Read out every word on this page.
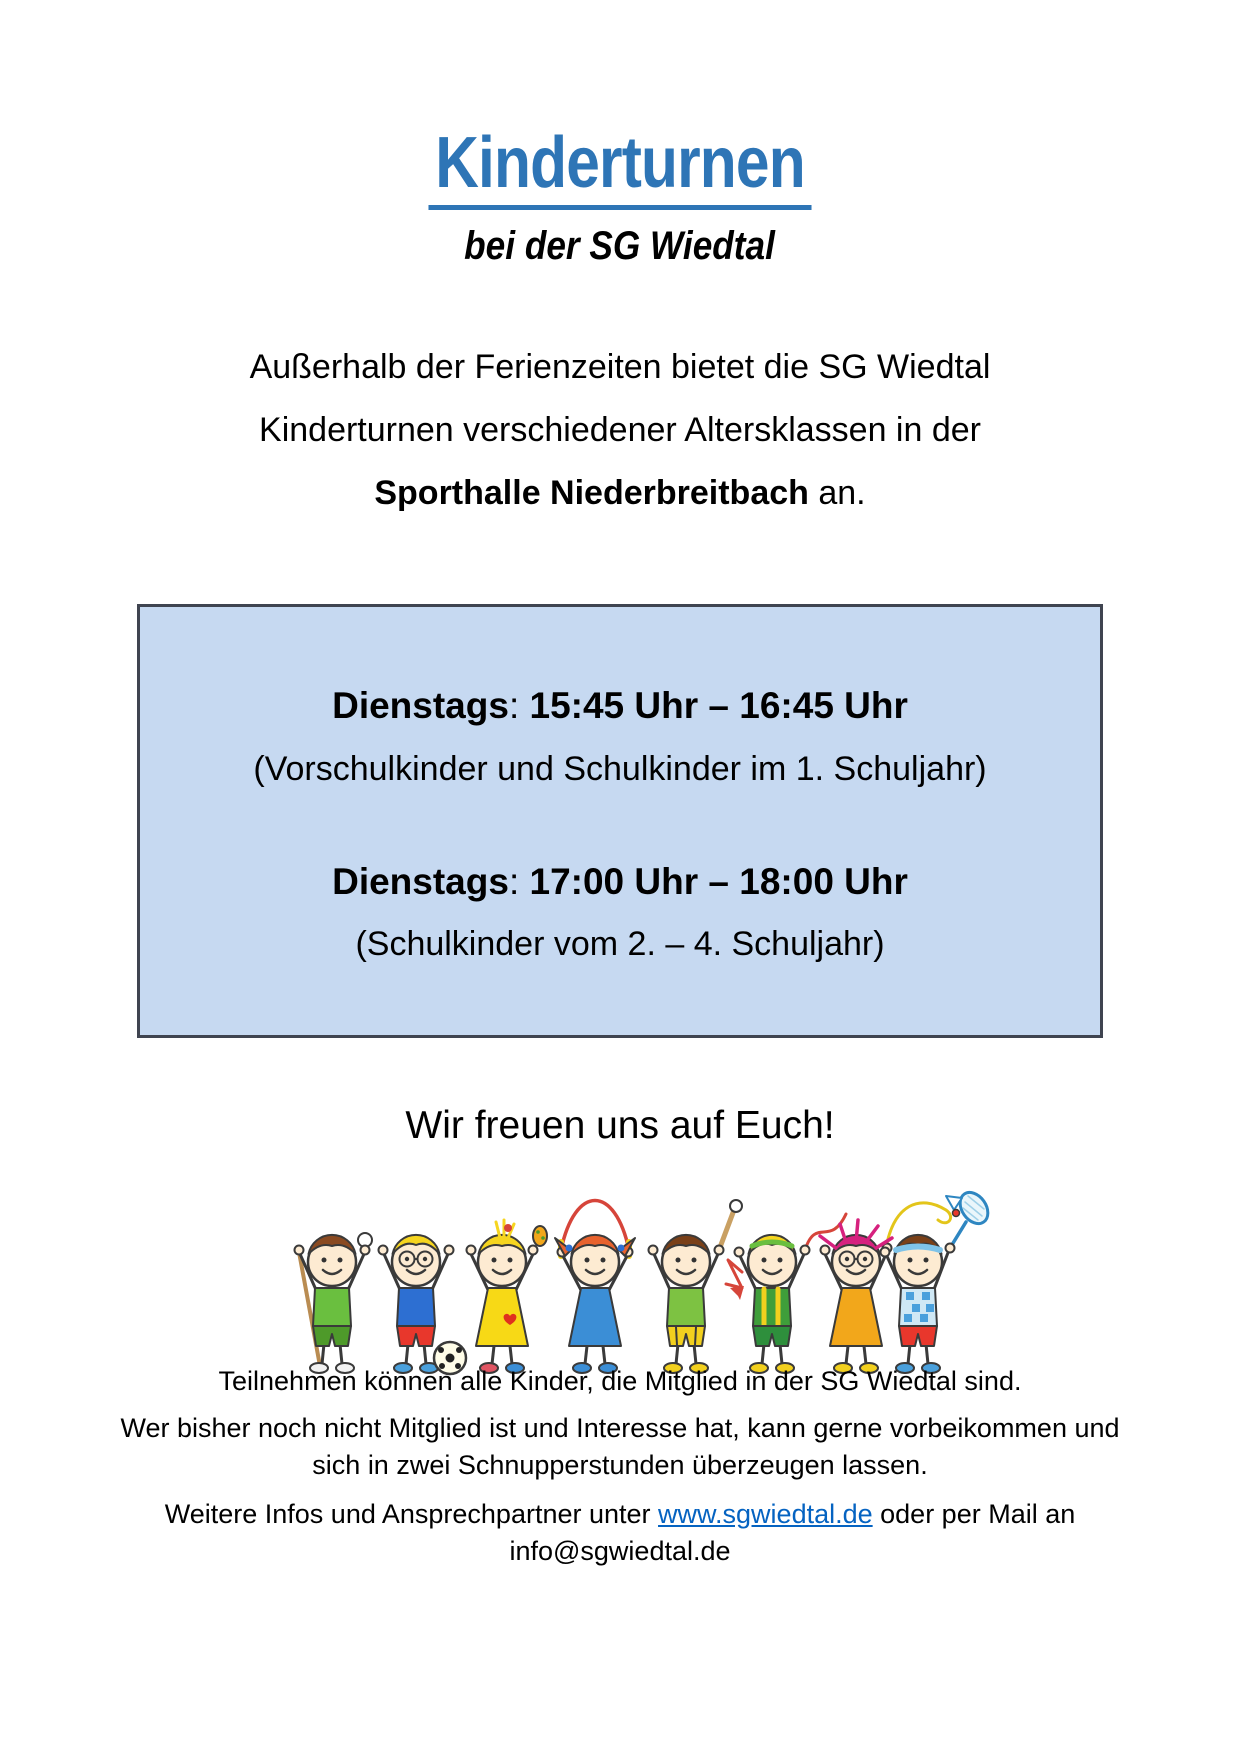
Kinderturnen
bei der SG Wiedtal
Außerhalb der Ferienzeiten bietet die SG Wiedtal
Kinderturnen verschiedener Altersklassen in der
Sporthalle Niederbreitbach an.
Dienstags: 15:45 Uhr – 16:45 Uhr
(Vorschulkinder und Schulkinder im 1. Schuljahr)
Dienstags: 17:00 Uhr – 18:00 Uhr
(Schulkinder vom 2. – 4. Schuljahr)
Wir freuen uns auf Euch!
Teilnehmen können alle Kinder, die Mitglied in der SG Wiedtal sind.
Wer bisher noch nicht Mitglied ist und Interesse hat, kann gerne vorbeikommen und
sich in zwei Schnupperstunden überzeugen lassen.
Weitere Infos und Ansprechpartner unter www.sgwiedtal.de oder per Mail an
info@sgwiedtal.de
